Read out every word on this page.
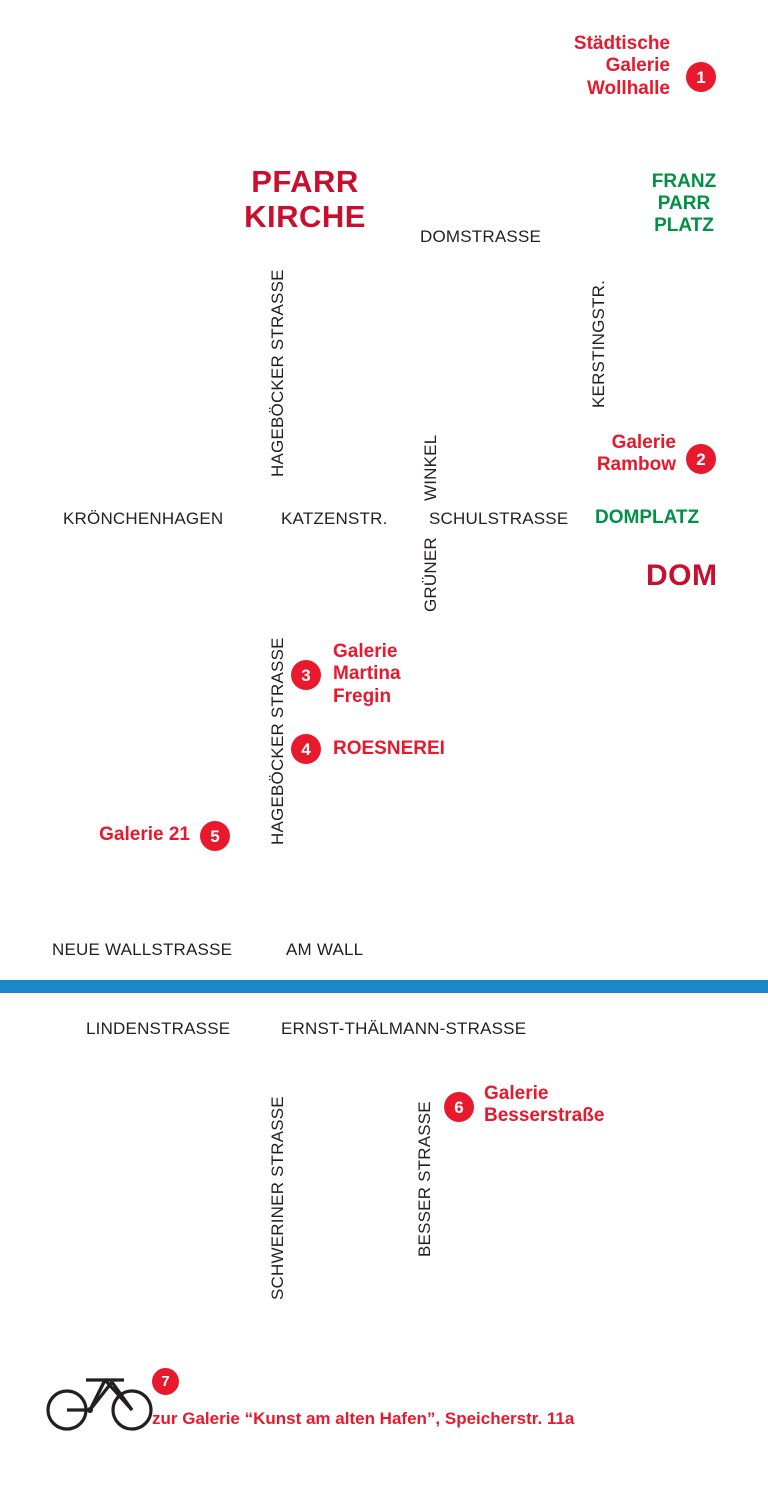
Städtische
Galerie
Wollhalle
1
PFARR
KIRCHE
FRANZ
PARR
PLATZ
DOMSTRASSE
HAGEBÖCKER STRASSE	KERSTINGSTR.
WINKEL
GRÜNER
Galerie
Rambow	2
KRÖNCHENHAGEN	KATZENSTR. SCHULSTRASSE DOMPLATZ
DOM
HAGEBÖCKER STRASSE 3
Galerie
Martina
Fregin
4	ROESNEREI
Galerie 21	5
NEUE WALLSTRASSE	AM WALL
LINDENSTRASSE	ERNST-THÄLMANN-STRASSE
SCHWERINER STRASSE	BESSER STRASSE	6
Galerie
Besserstraße
7
zur Galerie “Kunst am alten Hafen”, Speicherstr. 11a
